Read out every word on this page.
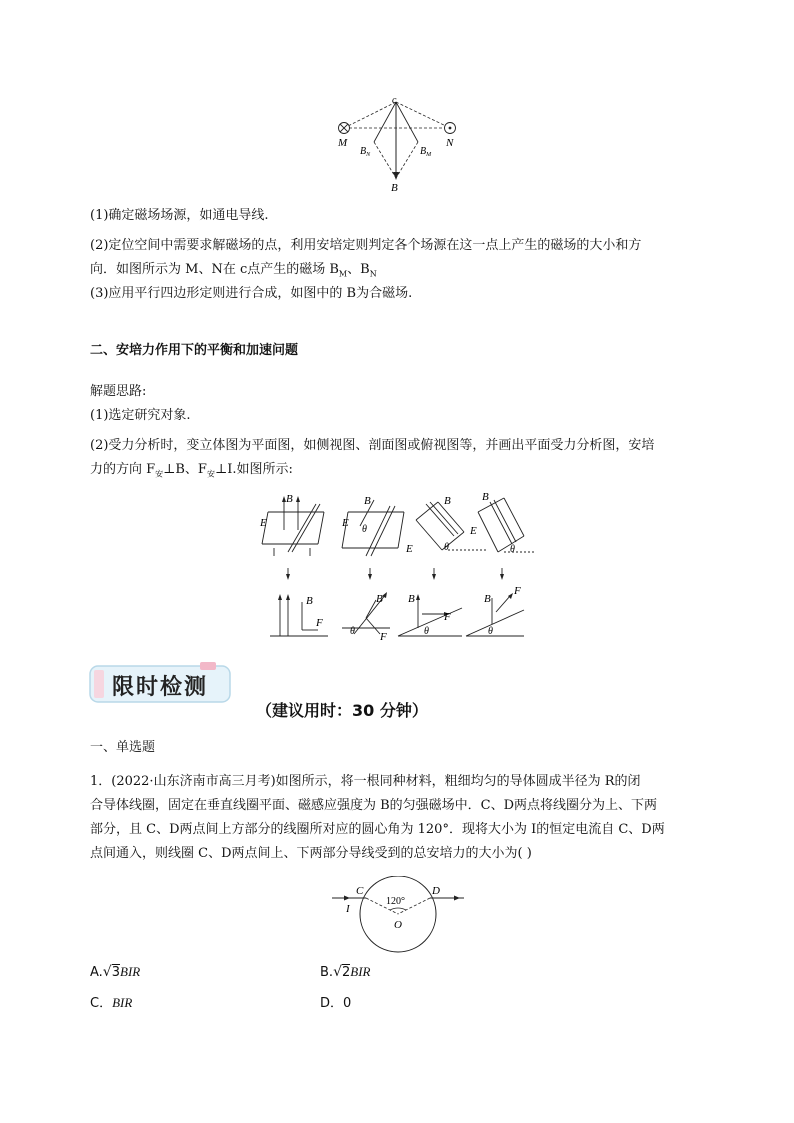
c
M	N
$B_N$	$B_M$
B
(1)确定磁场场源，如通电导线.
(2)定位空间中需要求解磁场的点，利用安培定则判定各个场源在这一点上产生的磁场的大小和方
向．如图所示为 M、N在 c点产生的磁场 $B_M$、$B_N$
(3)应用平行四边形定则进行合成，如图中的 B为合磁场.
二、安培力作用下的平衡和加速问题
解题思路:
(1)选定研究对象.
(2)受力分析时，变立体图为平面图，如侧视图、剖面图或俯视图等，并画出平面受力分析图，安培
力的方向 $F_安\perp B$、$F_安\perp I$.如图所示:
B
E
B
E
θ
B
E	θ
B
E
θ
B
F
B
θ F
B
F
θ
B
F
θ
限时检测
（建议用时：30 分钟）
一、单选题
1．(2022·山东济南市高三月考)如图所示，将一根同种材料，粗细均匀的导体圆成半径为 R的闭
合导体线圈，固定在垂直线圈平面、磁感应强度为 B的匀强磁场中．C、D两点将线圈分为上、下两
部分，且 C、D两点间上方部分的线圈所对应的圆心角为 120°．现将大小为 I的恒定电流自 C、D两
点间通入，则线圈 C、D两点间上、下两部分导线受到的总安培力的大小为( )
C	D
I
O
120°
A.√3BIR	B.√2BIR
C．BIR	D．0
